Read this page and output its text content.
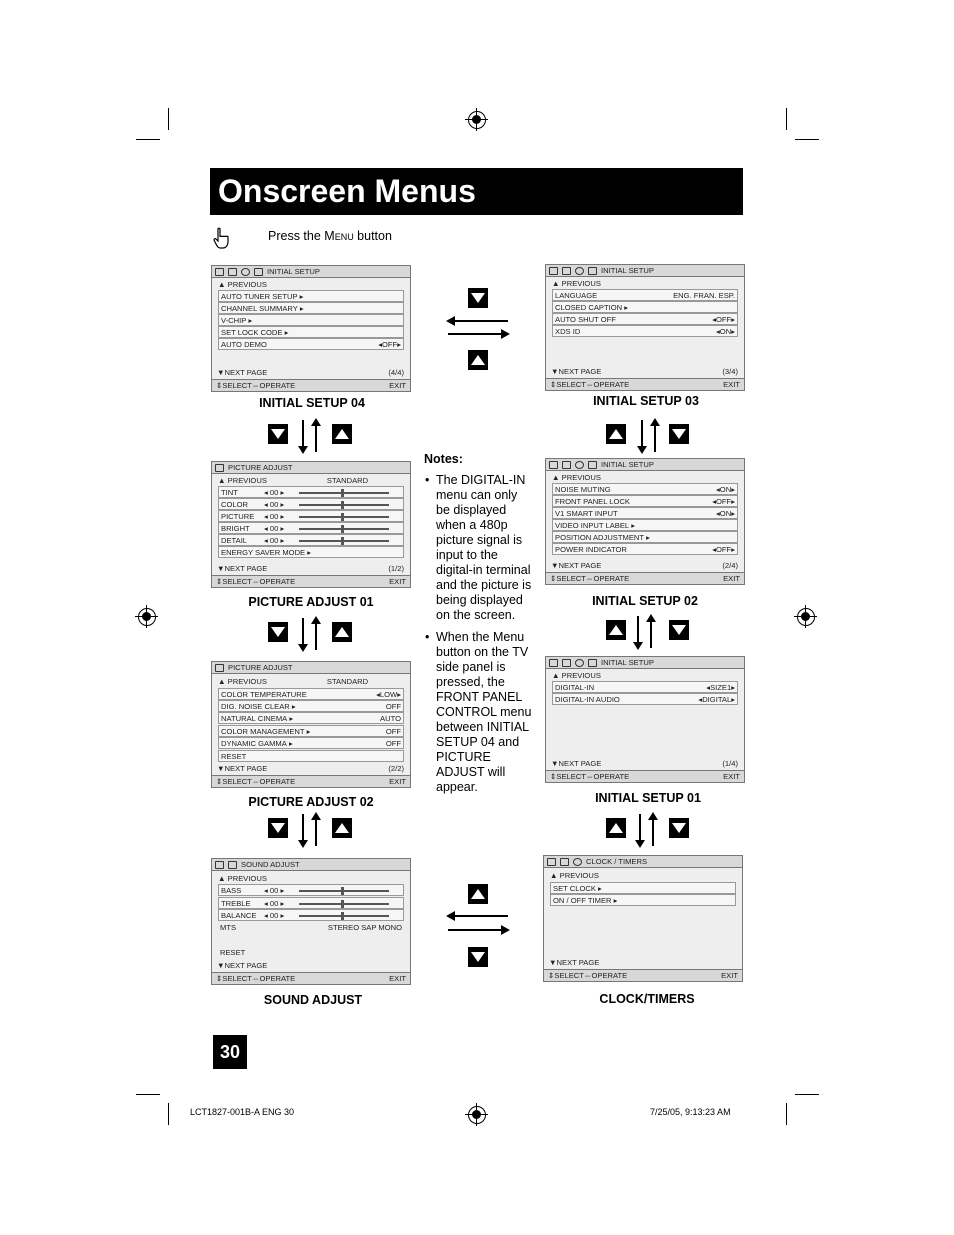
Onscreen Menus
Press the Menu button
INITIAL SETUP
▲ PREVIOUS
AUTO TUNER SETUP ▸
CHANNEL SUMMARY ▸
V-CHIP ▸
SET LOCK CODE ▸
AUTO DEMO	◂OFF▸
▼NEXT PAGE	(4/4)
⇕SELECT⇔OPERATE	EXIT
INITIAL SETUP 04
INITIAL SETUP
▲ PREVIOUS
LANGUAGE	ENG. FRAN. ESP.
CLOSED CAPTION ▸
AUTO SHUT OFF	◂OFF▸
XDS ID	◂ON▸
▼NEXT PAGE	(3/4)
⇕SELECT⇔OPERATE	EXIT
INITIAL SETUP 03
PICTURE ADJUST
▲ PREVIOUS	STANDARD
TINT	◂ 00 ▸
COLOR ◂ 00 ▸
PICTURE ◂ 00 ▸
BRIGHT ◂ 00 ▸
DETAIL ◂ 00 ▸
ENERGY SAVER MODE ▸
▼NEXT PAGE	(1/2)
⇕SELECT⇔OPERATE	EXIT
PICTURE ADJUST 01
INITIAL SETUP
▲ PREVIOUS
NOISE MUTING	◂ON▸
FRONT PANEL LOCK	◂OFF▸
V1 SMART INPUT	◂ON▸
VIDEO INPUT LABEL ▸
POSITION ADJUSTMENT ▸
POWER INDICATOR	◂OFF▸
▼NEXT PAGE	(2/4)
⇕SELECT⇔OPERATE	EXIT
INITIAL SETUP 02
Notes:
• The DIGITAL-IN menu can only be displayed when a 480p picture signal is input to the digital-in terminal and the picture is being displayed on the screen.
• When the Menu button on the TV side panel is pressed, the FRONT PANEL CONTROL menu between INITIAL SETUP 04 and PICTURE ADJUST will appear.
PICTURE ADJUST
▲ PREVIOUS	STANDARD
COLOR TEMPERATURE	◂LOW▸
DIG. NOISE CLEAR ▸	OFF
NATURAL CINEMA ▸	AUTO
COLOR MANAGEMENT ▸	OFF
DYNAMIC GAMMA ▸	OFF
RESET
▼NEXT PAGE	(2/2)
⇕SELECT⇔OPERATE	EXIT
PICTURE ADJUST 02
INITIAL SETUP
▲ PREVIOUS
DIGITAL-IN	◂SIZE1▸
DIGITAL-IN AUDIO	◂DIGITAL▸
▼NEXT PAGE	(1/4)
⇕SELECT⇔OPERATE	EXIT
INITIAL SETUP 01
SOUND ADJUST
▲ PREVIOUS
BASS	◂ 00 ▸
TREBLE ◂ 00 ▸
BALANCE ◂ 00 ▸
MTS	STEREO SAP MONO
RESET
▼NEXT PAGE
⇕SELECT⇔OPERATE	EXIT
SOUND ADJUST
CLOCK / TIMERS
▲ PREVIOUS
SET CLOCK ▸
ON / OFF TIMER ▸
▼NEXT PAGE
⇕SELECT⇔OPERATE	EXIT
CLOCK/TIMERS
30
LCT1827-001B-A ENG 30	7/25/05, 9:13:23 AM
